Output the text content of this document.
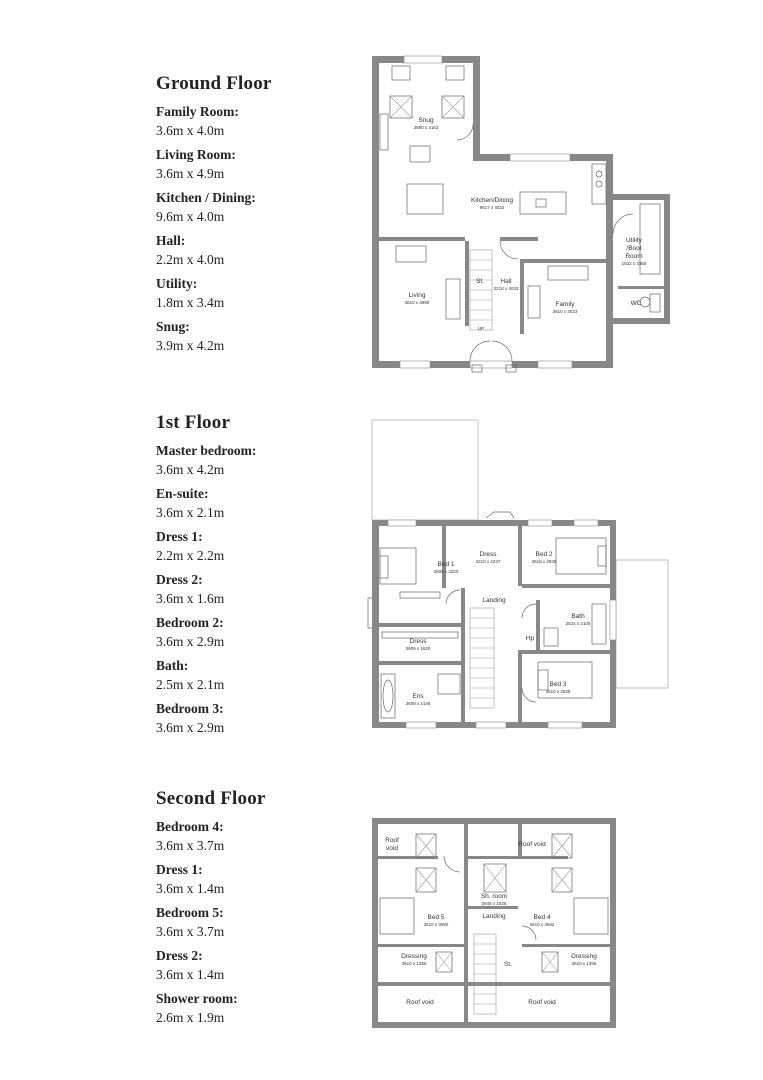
Ground Floor
Family Room:
3.6m x 4.0m
Living Room:
3.6m x 4.9m
Kitchen / Dining:
9.6m x 4.0m
Hall:
2.2m x 4.0m
Utility:
1.8m x 3.4m
Snug:
3.9m x 4.2m
1st Floor
Master bedroom:
3.6m x 4.2m
En-suite:
3.6m x 2.1m
Dress 1:
2.2m x 2.2m
Dress 2:
3.6m x 1.6m
Bedroom 2:
3.6m x 2.9m
Bath:
2.5m x 2.1m
Bedroom 3:
3.6m x 2.9m
Second Floor
Bedroom 4:
3.6m x 3.7m
Dress 1:
3.6m x 1.4m
Bedroom 5:
3.6m x 3.7m
Dress 2:
3.6m x 1.4m
Shower room:
2.6m x 1.9m
Snug
3880 x 4162
Kitchen/Dining
9617 x 4032
Utility
/Boot
Room
1832 x 3365
WC
Living
3610 x 4890
St.	Hall
2218 x 4033
Family
3610 x 4023
UP
Dress
2210 x 2237
Bed 1
3609 x 4220
Bed 2
3610 x 2935
Landing
Bath
2524 x 2105
Hp
Dress
3609 x 1620
Bed 3
3610 x 2938
Ens
3609 x 2145
Roof
void
Roof void
Sh. room
2645 x 1826
Landing
Bed 5
3610 x 3692
Bed 4
3610 x 3692
Dressing
3610 x 1356
Dressing
3610 x 1356
St.
Roof void	Roof void
